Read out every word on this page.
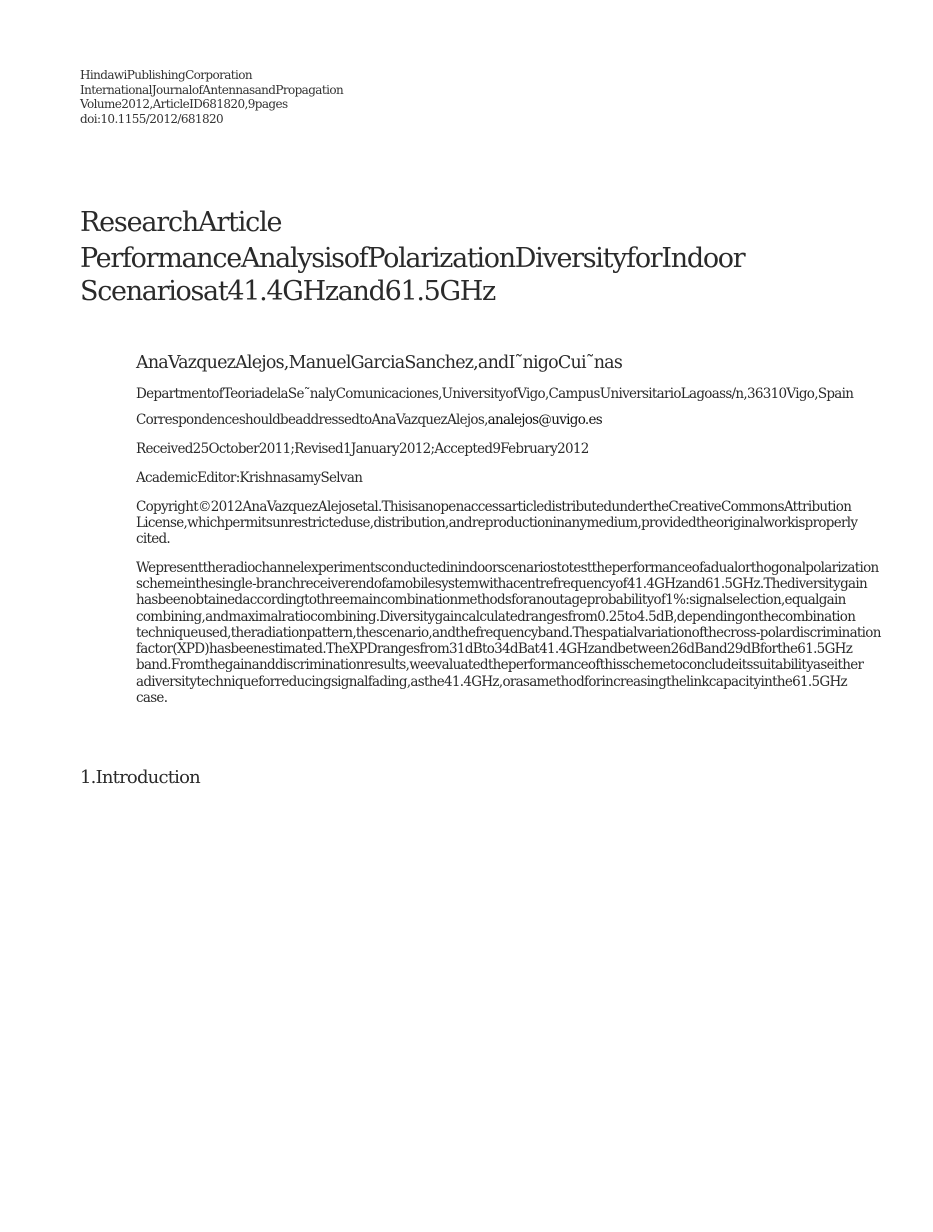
HindawiPublishingCorporation
InternationalJournalofAntennasandPropagation
Volume2012,ArticleID681820,9pages
doi:10.1155/2012/681820
ResearchArticle
PerformanceAnalysisofPolarizationDiversityforIndoor
Scenariosat41.4GHzand61.5GHz
AnaVazquezAlejos,ManuelGarciaSanchez,andI˜nigoCui˜nas
DepartmentofTeoriadelaSe˜nalyComunicaciones,UniversityofVigo,CampusUniversitarioLagoass/n,36310Vigo,Spain
CorrespondenceshouldbeaddressedtoAnaVazquezAlejos,analejos@uvigo.es
Received25October2011;Revised1January2012;Accepted9February2012
AcademicEditor:KrishnasamySelvan
Copyright©2012AnaVazquezAlejosetal.ThisisanopenaccessarticledistributedundertheCreativeCommonsAttribution
License,whichpermitsunrestricteduse,distribution,andreproductioninanymedium,providedtheoriginalworkisproperly
cited.
Wepresenttheradiochannelexperimentsconductedinindoorscenariostotesttheperformanceofadualorthogonalpolarization
schemeinthesingle-branchreceiverendofamobilesystemwithacentrefrequencyof41.4GHzand61.5GHz.Thediversitygain
hasbeenobtainedaccordingtothreemaincombinationmethodsforanoutageprobabilityof1%:signalselection,equalgain
combining,andmaximalratiocombining.Diversitygaincalculatedrangesfrom0.25to4.5dB,dependingonthecombination
techniqueused,theradiationpattern,thescenario,andthefrequencyband.Thespatialvariationofthecross-polardiscrimination
factor(XPD)hasbeenestimated.TheXPDrangesfrom31dBto34dBat41.4GHzandbetween26dBand29dBforthe61.5GHz
band.Fromthegainanddiscriminationresults,weevaluatedtheperformanceofthisschemetoconcludeitssuitabilityaseither
adiversitytechniqueforreducingsignalfading,asthe41.4GHz,orasamethodforincreasingthelinkcapacityinthe61.5GHz
case.
1.Introduction
